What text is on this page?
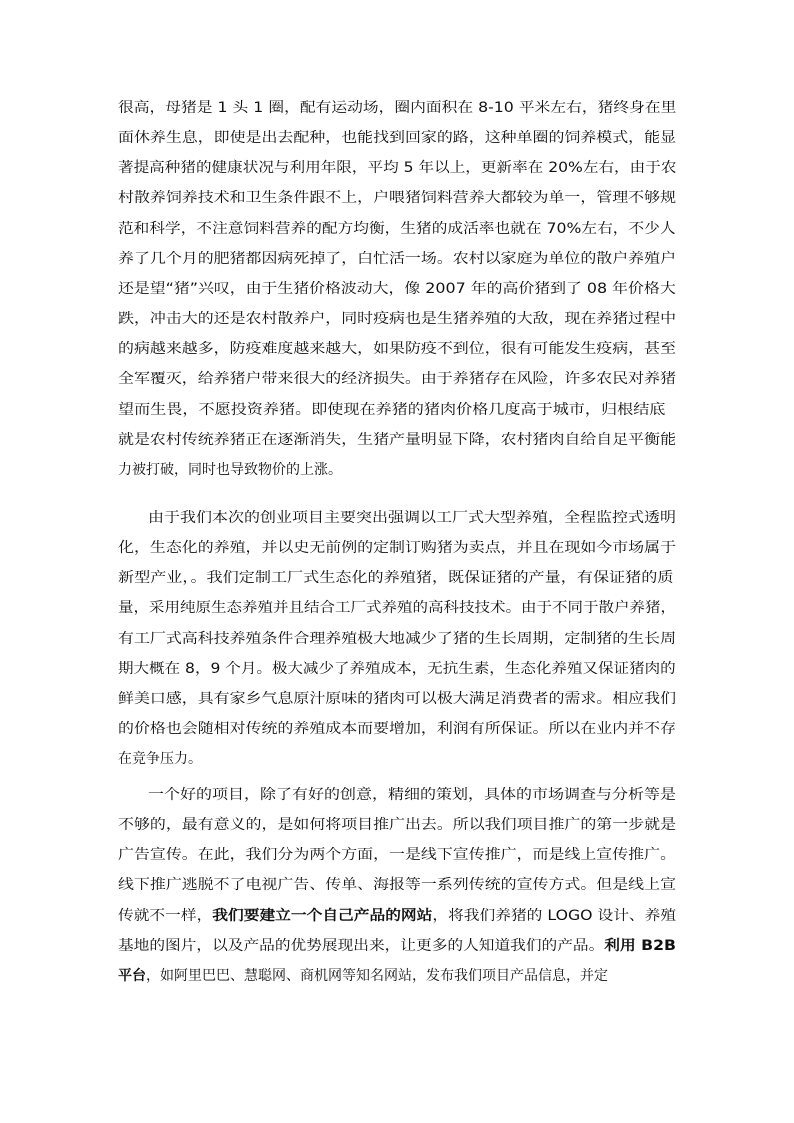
很高，母猪是 1 头 1 圈，配有运动场，圈内面积在 8-10 平米左右，猪终身在里
面休养生息，即使是出去配种，也能找到回家的路，这种单圈的饲养模式，能显
著提高种猪的健康状况与利用年限，平均 5 年以上，更新率在 20%左右，由于农
村散养饲养技术和卫生条件跟不上，户喂猪饲料营养大都较为单一，管理不够规
范和科学，不注意饲料营养的配方均衡，生猪的成活率也就在 70%左右，不少人
养了几个月的肥猪都因病死掉了，白忙活一场。农村以家庭为单位的散户养殖户
还是望“猪”兴叹，由于生猪价格波动大，像 2007 年的高价猪到了 08 年价格大
跌，冲击大的还是农村散养户，同时疫病也是生猪养殖的大敌，现在养猪过程中
的病越来越多，防疫难度越来越大，如果防疫不到位，很有可能发生疫病，甚至
全军覆灭，给养猪户带来很大的经济损失。由于养猪存在风险，许多农民对养猪
望而生畏，不愿投资养猪。即使现在养猪的猪肉价格几度高于城市，归根结底
就是农村传统养猪正在逐渐消失，生猪产量明显下降，农村猪肉自给自足平衡能
力被打破，同时也导致物价的上涨。
由于我们本次的创业项目主要突出强调以工厂式大型养殖，全程监控式透明
化，生态化的养殖，并以史无前例的定制订购猪为卖点，并且在现如今市场属于
新型产业，。我们定制工厂式生态化的养殖猪，既保证猪的产量，有保证猪的质
量，采用纯原生态养殖并且结合工厂式养殖的高科技技术。由于不同于散户养猪，
有工厂式高科技养殖条件合理养殖极大地减少了猪的生长周期，定制猪的生长周
期大概在 8，9 个月。极大减少了养殖成本，无抗生素，生态化养殖又保证猪肉的
鲜美口感，具有家乡气息原汁原味的猪肉可以极大满足消费者的需求。相应我们
的价格也会随相对传统的养殖成本而要增加，利润有所保证。所以在业内并不存
在竞争压力。
一个好的项目，除了有好的创意，精细的策划，具体的市场调查与分析等是
不够的，最有意义的，是如何将项目推广出去。所以我们项目推广的第一步就是
广告宣传。在此，我们分为两个方面，一是线下宣传推广，而是线上宣传推广。
线下推广逃脱不了电视广告、传单、海报等一系列传统的宣传方式。但是线上宣
传就不一样，我们要建立一个自己产品的网站，将我们养猪的 LOGO 设计、养殖
基地的图片，以及产品的优势展现出来，让更多的人知道我们的产品。利用 B2B
平台，如阿里巴巴、慧聪网、商机网等知名网站，发布我们项目产品信息，并定
